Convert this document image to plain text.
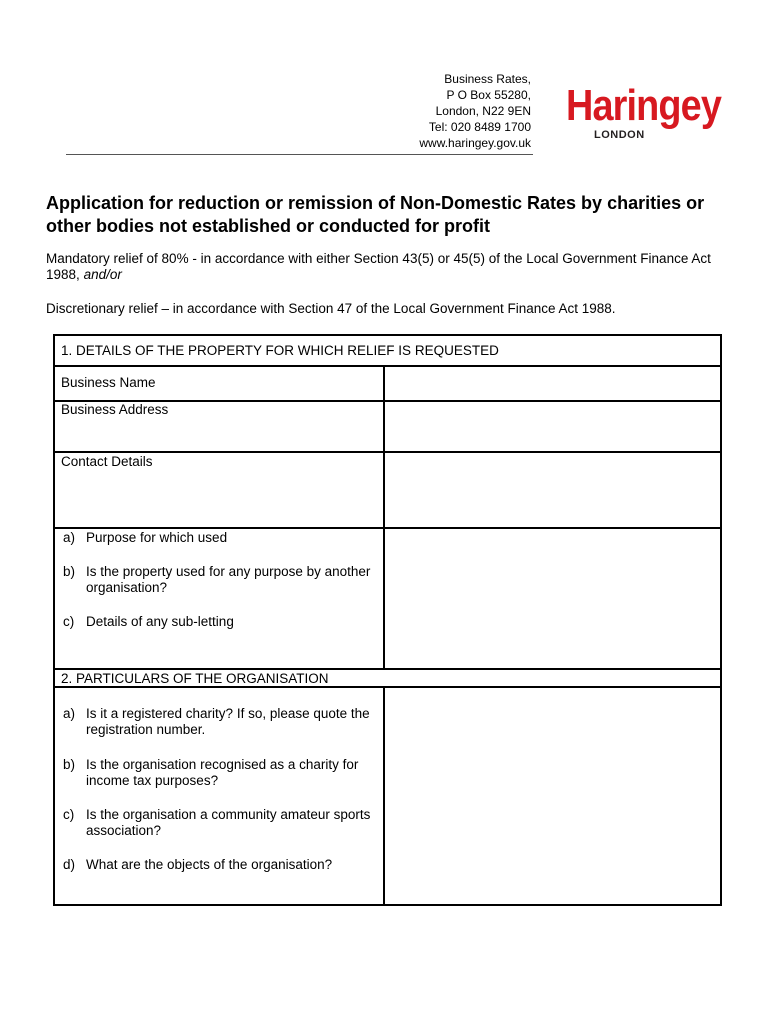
Business Rates,
P O Box 55280,
London, N22 9EN
Tel: 020 8489 1700
www.haringey.gov.uk
Haringey
LONDON
Application for reduction or remission of Non-Domestic Rates by charities or other bodies not established or conducted for profit
Mandatory relief of 80% - in accordance with either Section 43(5) or 45(5) of the Local Government Finance Act 1988, and/or
Discretionary relief – in accordance with Section 47 of the Local Government Finance Act 1988.
1. DETAILS OF THE PROPERTY FOR WHICH RELIEF IS REQUESTED
Business Name
Business Address
Contact Details
a) Purpose for which used
b) Is the property used for any purpose by another organisation?
c) Details of any sub-letting
2. PARTICULARS OF THE ORGANISATION
a) Is it a registered charity? If so, please quote the registration number.
b) Is the organisation recognised as a charity for income tax purposes?
c) Is the organisation a community amateur sports association?
d) What are the objects of the organisation?
